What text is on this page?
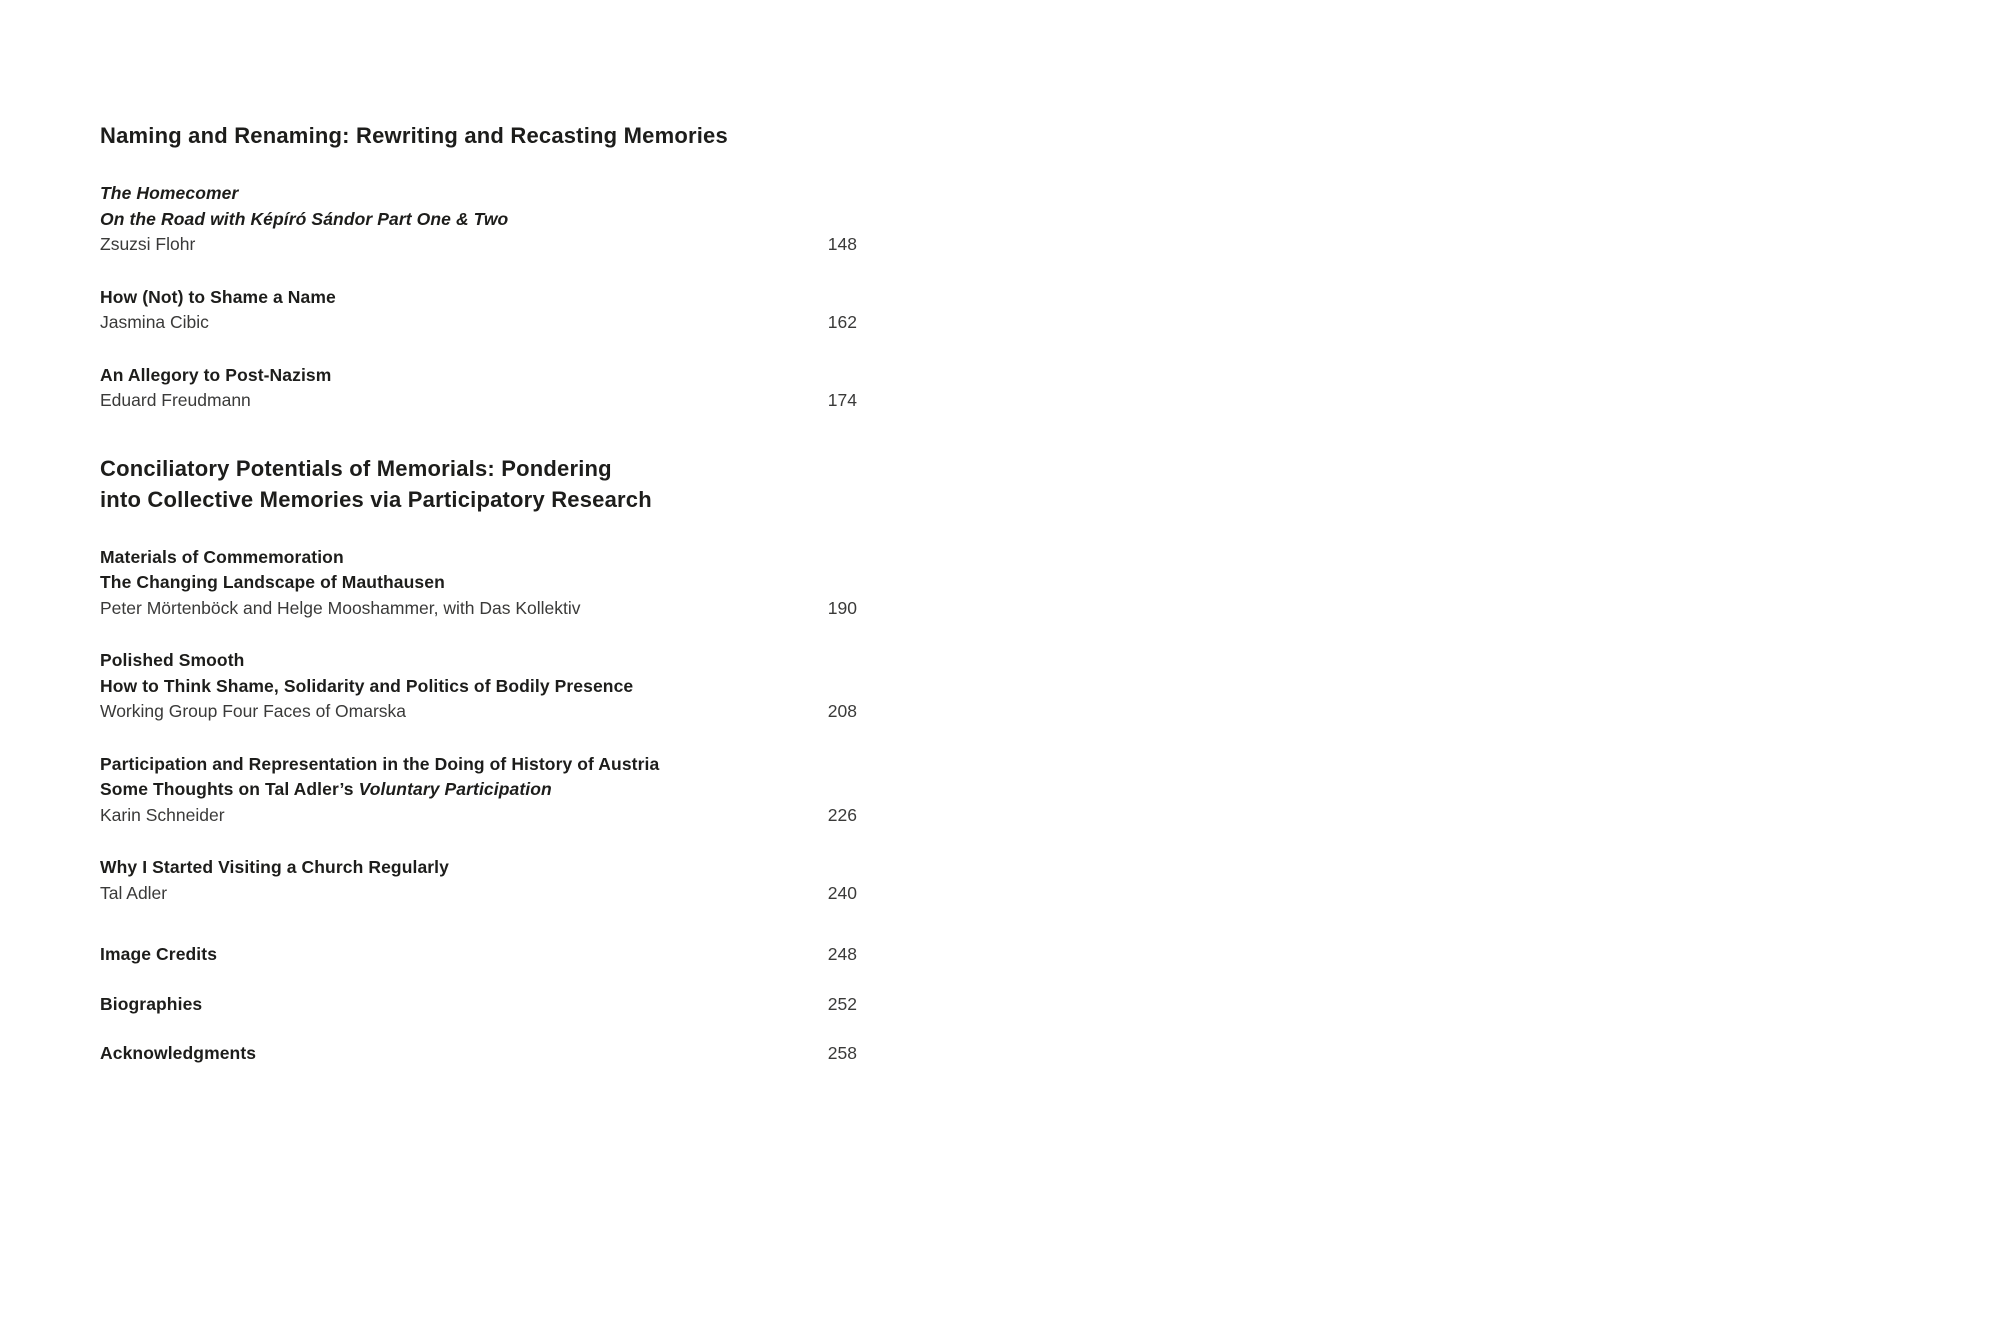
Naming and Renaming: Rewriting and Recasting Memories
The Homecomer
On the Road with Képíró Sándor Part One & Two
Zsuzsi Flohr	148
How (Not) to Shame a Name
Jasmina Cibic	162
An Allegory to Post-Nazism
Eduard Freudmann	174
Conciliatory Potentials of Memorials: Pondering
into Collective Memories via Participatory Research
Materials of Commemoration
The Changing Landscape of Mauthausen
Peter Mörtenböck and Helge Mooshammer, with Das Kollektiv	190
Polished Smooth
How to Think Shame, Solidarity and Politics of Bodily Presence
Working Group Four Faces of Omarska	208
Participation and Representation in the Doing of History of Austria
Some Thoughts on Tal Adler’s Voluntary Participation
Karin Schneider	226
Why I Started Visiting a Church Regularly
Tal Adler	240
Image Credits	248
Biographies	252
Acknowledgments	258
